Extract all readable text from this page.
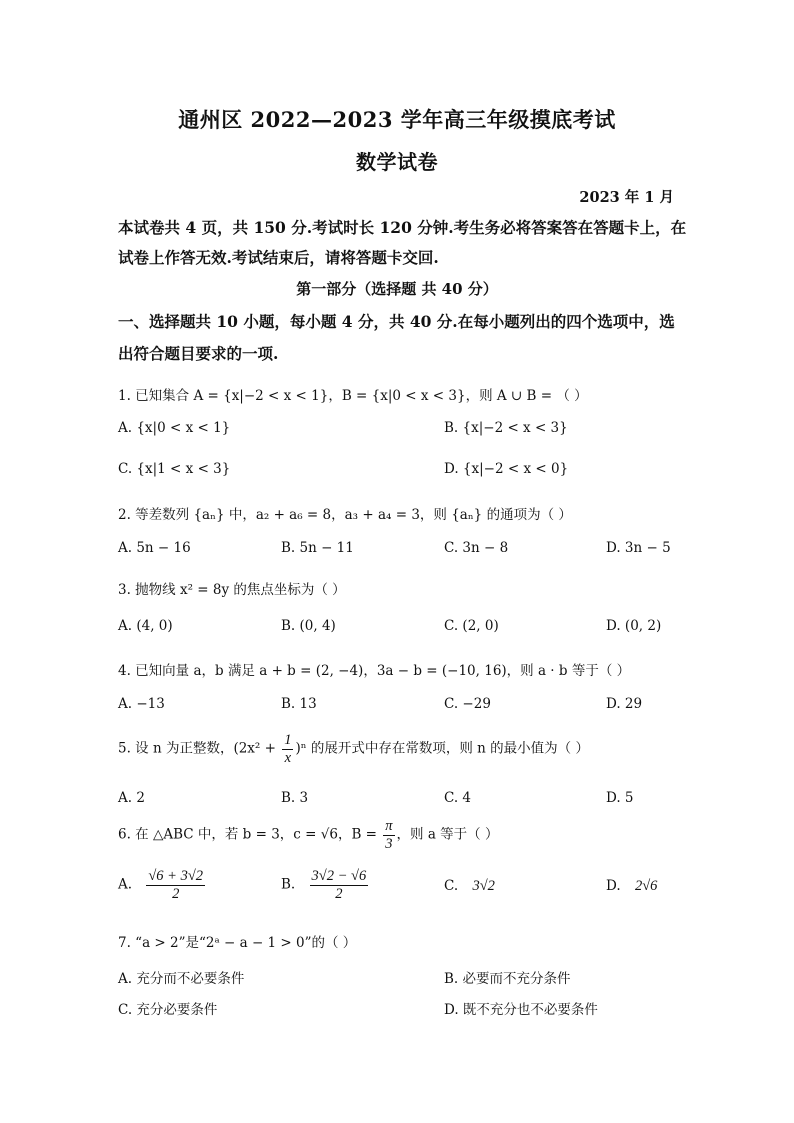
通州区 2022—2023 学年高三年级摸底考试
数学试卷
2023 年 1 月
本试卷共 4 页，共 150 分.考试时长 120 分钟.考生务必将答案答在答题卡上，在
试卷上作答无效.考试结束后，请将答题卡交回.
第一部分（选择题 共 40 分）
一、选择题共 10 小题，每小题 4 分，共 40 分.在每小题列出的四个选项中，选
出符合题目要求的一项.
1. 已知集合 A = {x|−2 < x < 1}，B = {x|0 < x < 3}，则 A ∪ B = （ ）
A. {x|0 < x < 1}	B. {x|−2 < x < 3}
C. {x|1 < x < 3}	D. {x|−2 < x < 0}
2. 等差数列 {aₙ} 中，a₂ + a₆ = 8，a₃ + a₄ = 3，则 {aₙ} 的通项为（ ）
A. 5n − 16	B. 5n − 11	C. 3n − 8	D. 3n − 5
3. 抛物线 x² = 8y 的焦点坐标为（ ）
A. (4, 0)	B. (0, 4)	C. (2, 0)	D. (0, 2)
4. 已知向量 a，b 满足 a + b = (2, −4)，3a − b = (−10, 16)，则 a · b 等于（ ）
A. −13	B. 13	C. −29	D. 29
5. 设 n 为正整数，$(2x^2 + \frac{1}{x} )^n$ 的展开式中存在常数项，则 n 的最小值为（ ）
A. 2	B. 3	C. 4	D. 5
6. 在 △ABC 中，若 b = 3，c = √6，$B = \frac{\pi}{3}$ ，则 a 等于（ ）
A. $\frac{√6 + 3√2}{2}$	B. $\frac{3√2 - √6}{2}$	C. 3√2	D. 2√6
7. “a > 2”是“2ᵃ − a − 1 > 0”的（ ）
A. 充分而不必要条件	B. 必要而不充分条件
C. 充分必要条件	D. 既不充分也不必要条件
